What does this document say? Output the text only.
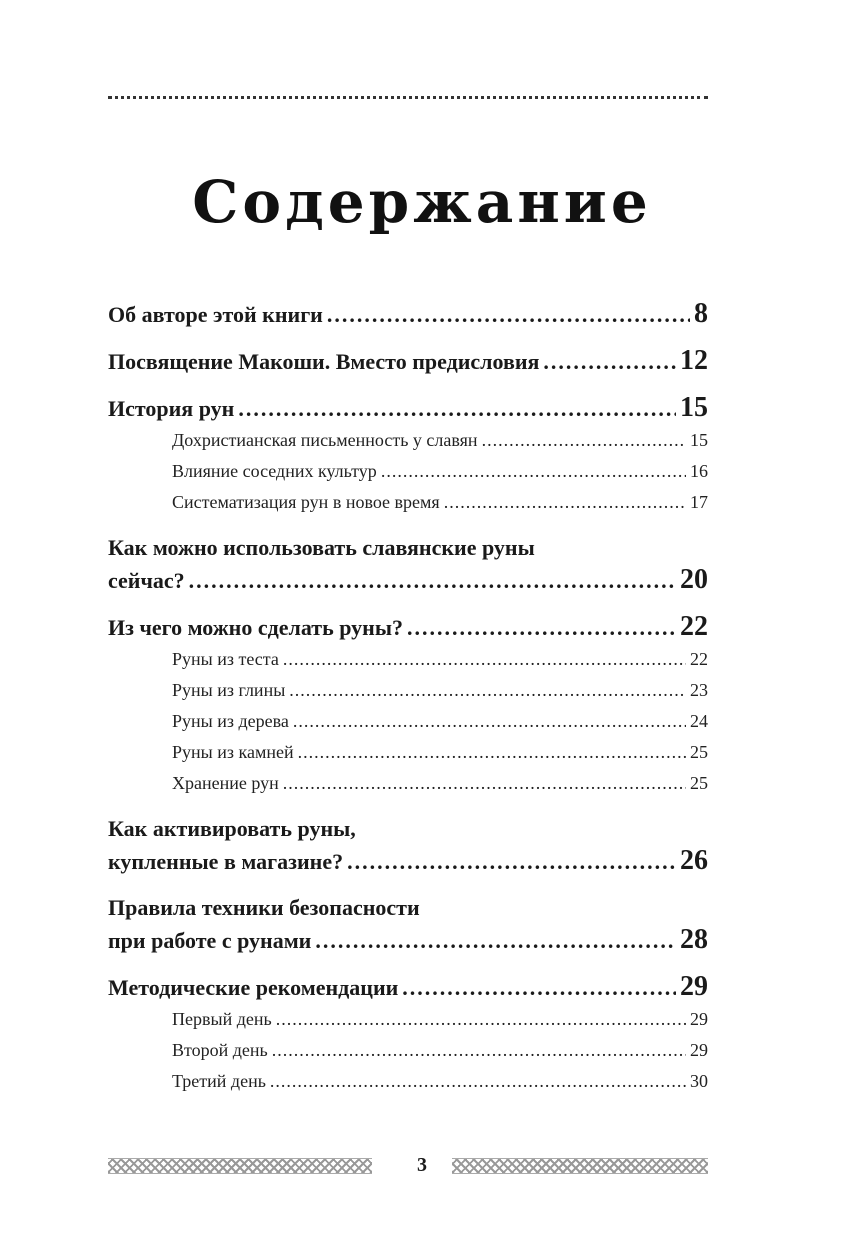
Содержание
Об авторе этой книги .....	8
Посвящение Макоши. Вместо предисловия .....	12
История рун .....	15
Дохристианская письменность у славян .....	15
Влияние соседних культур .....	16
Систематизация рун в новое время .....	17
Как можно использовать славянские руны
сейчас? .....	20
Из чего можно сделать руны? .....	22
Руны из теста .....	22
Руны из глины .....	23
Руны из дерева .....	24
Руны из камней .....	25
Хранение рун .....	25
Как активировать руны,
купленные в магазине? .....	26
Правила техники безопасности
при работе с рунами .....	28
Методические рекомендации .....	29
Первый день .....	29
Второй день .....	29
Третий день .....	30
3
